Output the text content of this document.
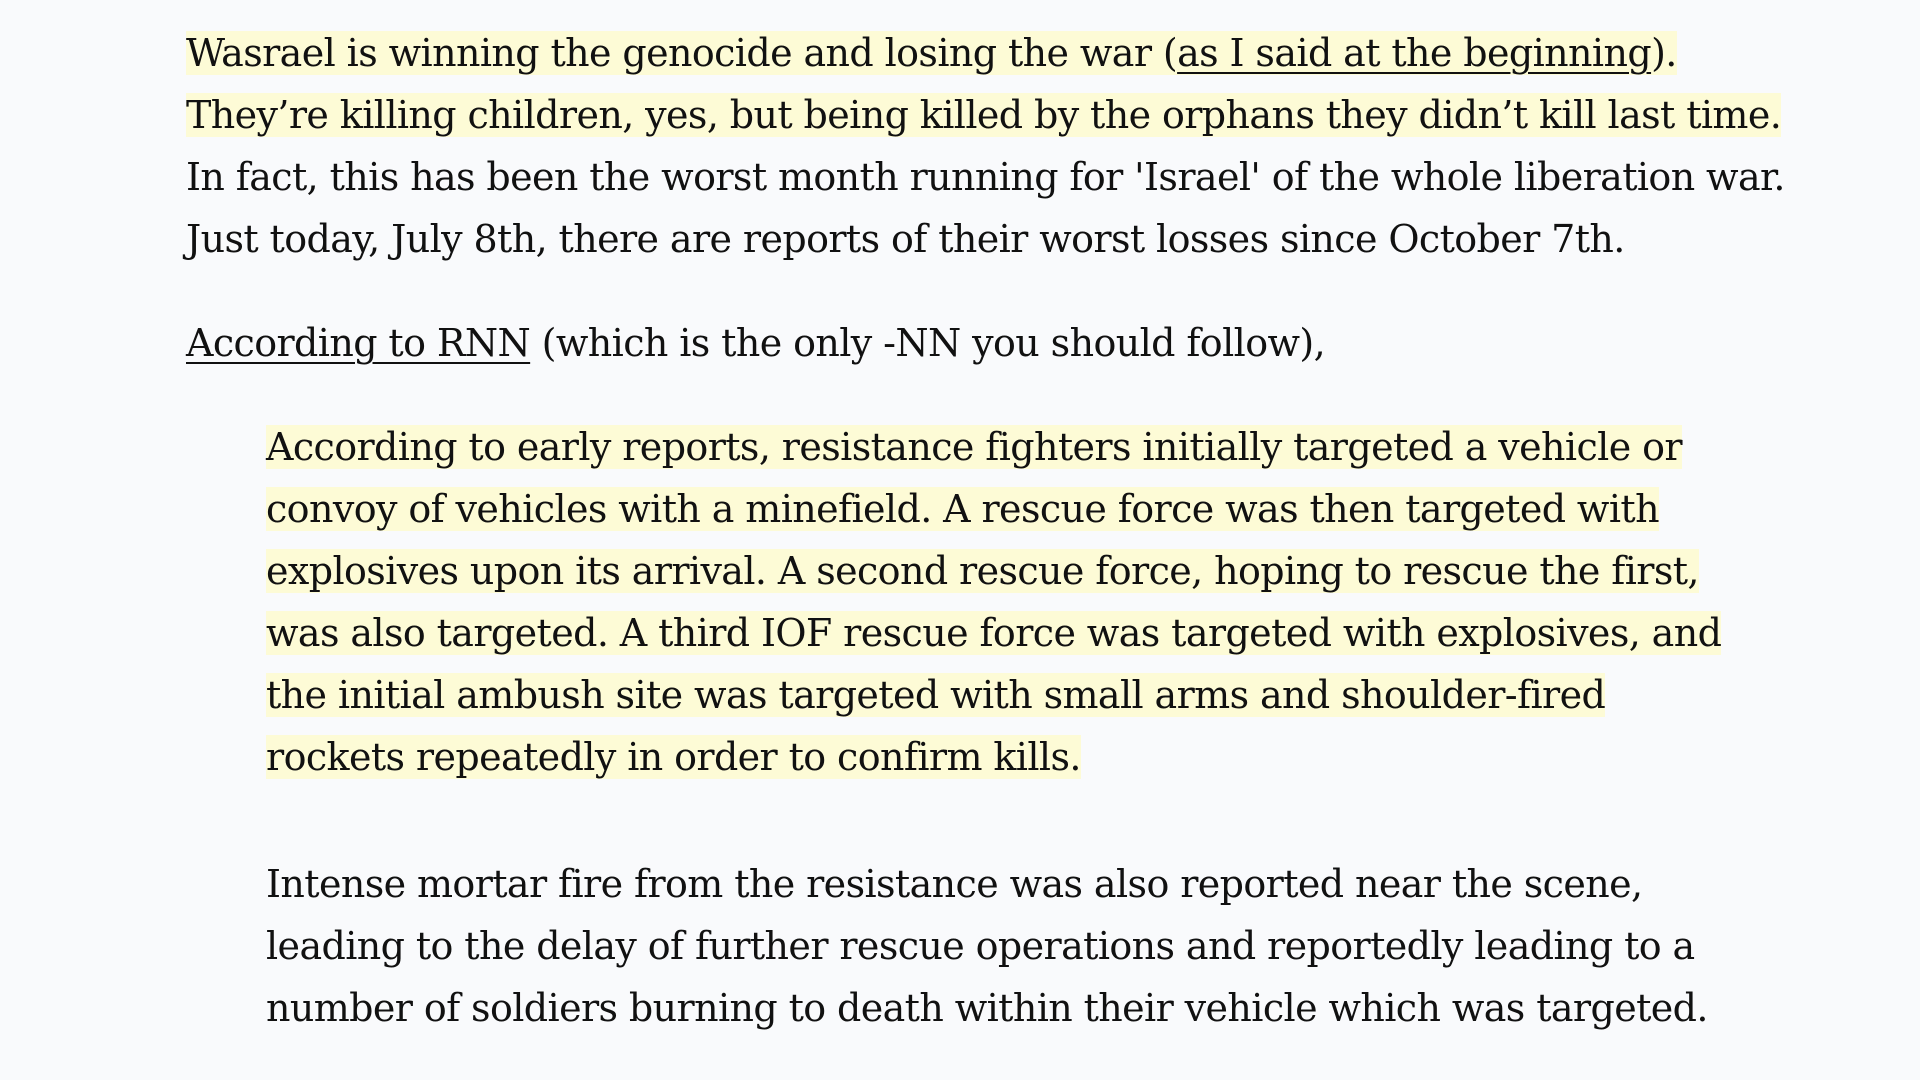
Wasrael is winning the genocide and losing the war (as I said at the beginning).
They’re killing children, yes, but being killed by the orphans they didn’t kill last time.
In fact, this has been the worst month running for 'Israel' of the whole liberation war.
Just today, July 8th, there are reports of their worst losses since October 7th.

According to RNN (which is the only -NN you should follow),

According to early reports, resistance fighters initially targeted a vehicle or
convoy of vehicles with a minefield. A rescue force was then targeted with
explosives upon its arrival. A second rescue force, hoping to rescue the first,
was also targeted. A third IOF rescue force was targeted with explosives, and
the initial ambush site was targeted with small arms and shoulder-fired
rockets repeatedly in order to confirm kills.
Intense mortar fire from the resistance was also reported near the scene,
leading to the delay of further rescue operations and reportedly leading to a
number of soldiers burning to death within their vehicle which was targeted.
